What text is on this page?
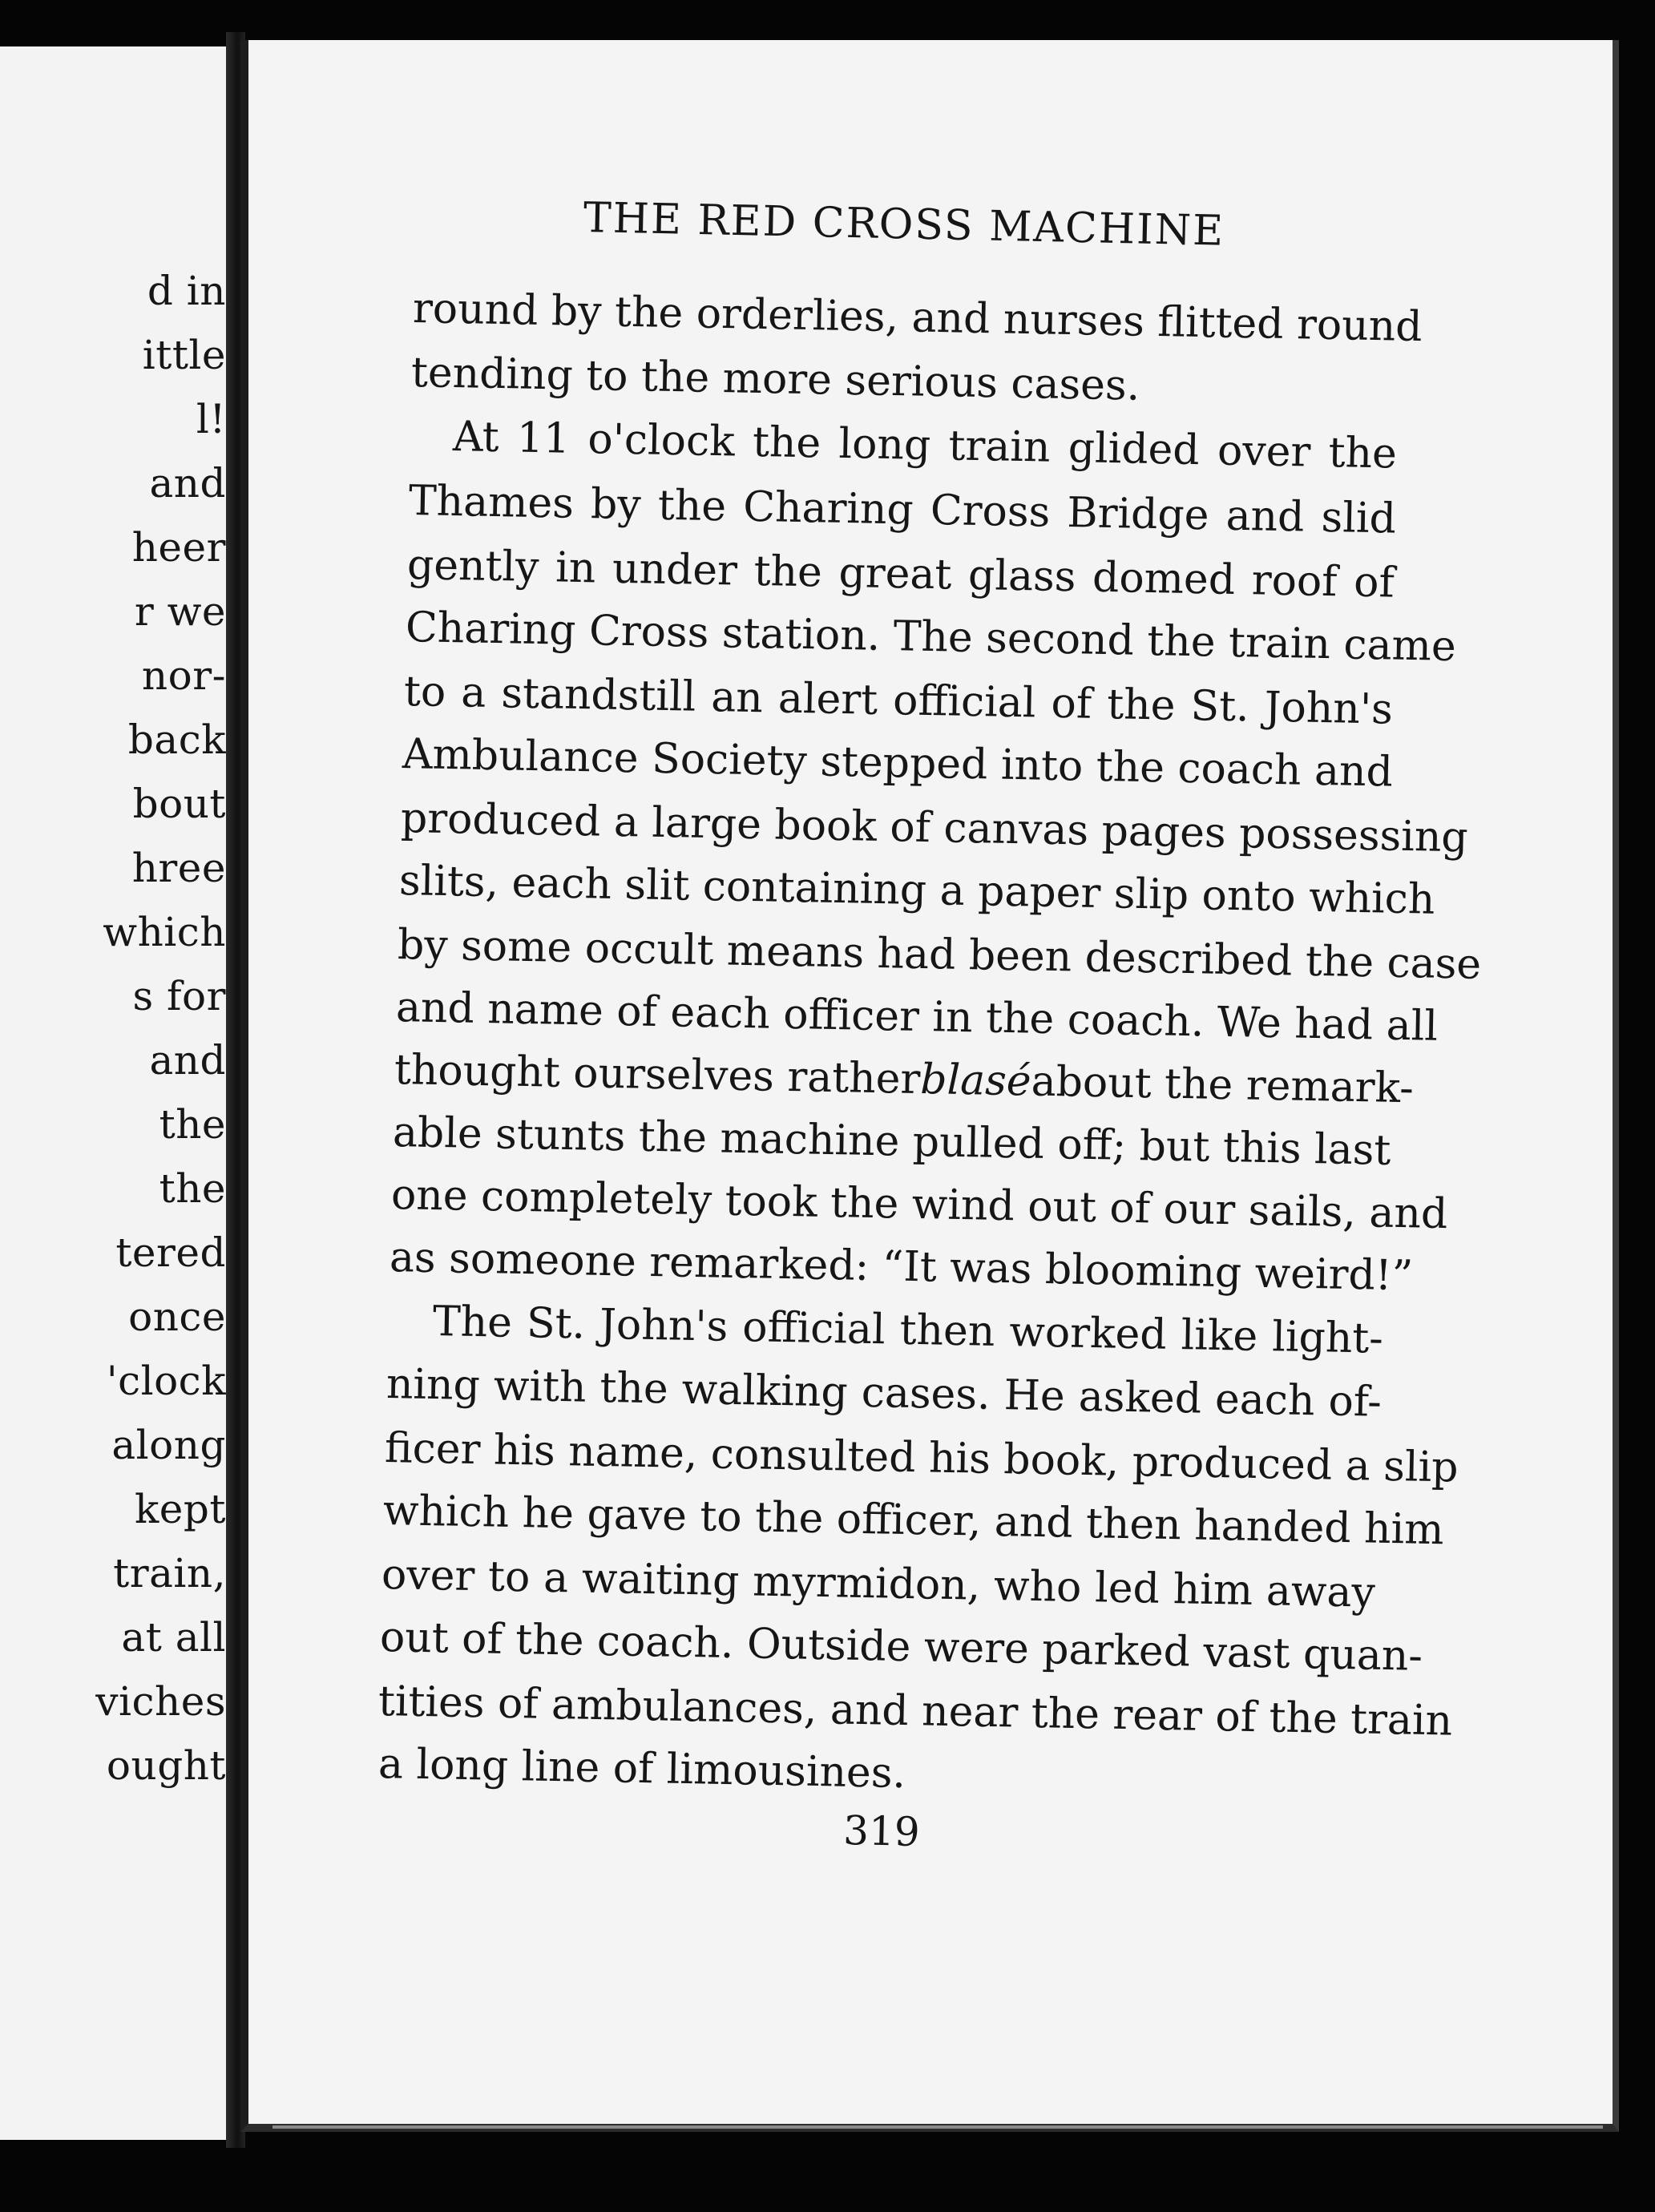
d in
ittle
l!
and
heer
r we
nor-
back
bout
hree
which
s for
and
the
the
tered
once
'clock
along
kept
train,
at all
viches
ought
THE RED CROSS MACHINE
round by the orderlies, and nurses flitted round
tending to the more serious cases.
At 11 o'clock the long train glided over the
Thames by the Charing Cross Bridge and slid
gently in under the great glass domed roof of
Charing Cross station. The second the train came
to a standstill an alert official of the St. John's
Ambulance Society stepped into the coach and
produced a large book of canvas pages possessing
slits, each slit containing a paper slip onto which
by some occult means had been described the case
and name of each officer in the coach. We had all
thought ourselves rather
blasé
about the remark-
able stunts the machine pulled off; but this last
one completely took the wind out of our sails, and
as someone remarked: “It was blooming weird!”
The St. John's official then worked like light-
ning with the walking cases. He asked each of-
ficer his name, consulted his book, produced a slip
which he gave to the officer, and then handed him
over to a waiting myrmidon, who led him away
out of the coach. Outside were parked vast quan-
tities of ambulances, and near the rear of the train
a long line of limousines.
319
